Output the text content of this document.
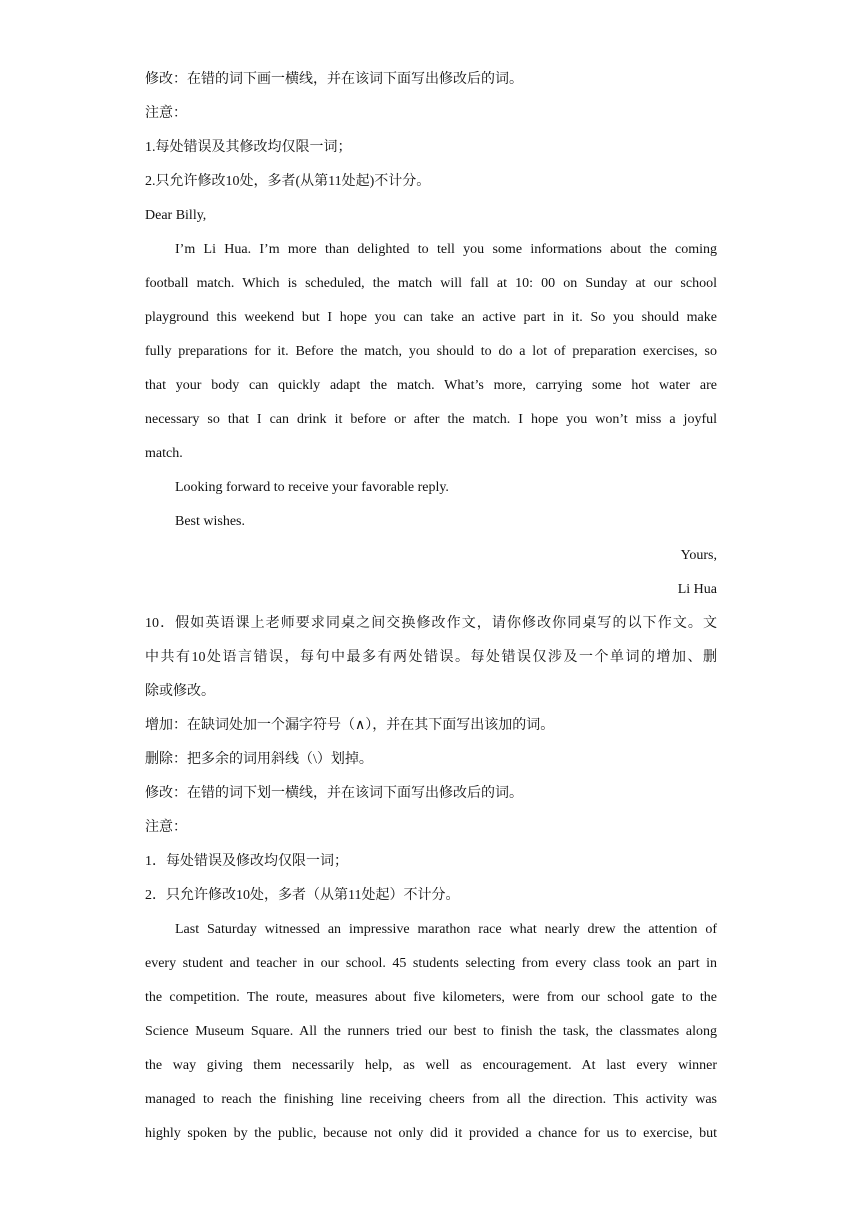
修改：在错的词下画一横线，并在该词下面写出修改后的词。
注意：
1.每处错误及其修改均仅限一词；
2.只允许修改10处，多者(从第11处起)不计分。
Dear Billy,
I’m Li Hua. I’m more than delighted to tell you some informations about the coming
football match. Which is scheduled, the match will fall at 10: 00 on Sunday at our school
playground this weekend but I hope you can take an active part in it. So you should make
fully preparations for it. Before the match, you should to do a lot of preparation exercises, so
that your body can quickly adapt the match. What’s more, carrying some hot water are
necessary so that I can drink it before or after the match. I hope you won’t miss a joyful
match.
Looking forward to receive your favorable reply.
Best wishes.
Yours,
Li Hua
10．假如英语课上老师要求同桌之间交换修改作文，请你修改你同桌写的以下作文。文
中共有10处语言错误，每句中最多有两处错误。每处错误仅涉及一个单词的增加、删
除或修改。
增加：在缺词处加一个漏字符号（∧），并在其下面写出该加的词。
删除：把多余的词用斜线（\）划掉。
修改：在错的词下划一横线，并在该词下面写出修改后的词。
注意：
1．每处错误及修改均仅限一词；
2．只允许修改10处，多者（从第11处起）不计分。
Last Saturday witnessed an impressive marathon race what nearly drew the attention of
every student and teacher in our school. 45 students selecting from every class took an part in
the competition. The route, measures about five kilometers, were from our school gate to the
Science Museum Square. All the runners tried our best to finish the task, the classmates along
the way giving them necessarily help, as well as encouragement. At last every winner
managed to reach the finishing line receiving cheers from all the direction. This activity was
highly spoken by the public, because not only did it provided a chance for us to exercise, but
